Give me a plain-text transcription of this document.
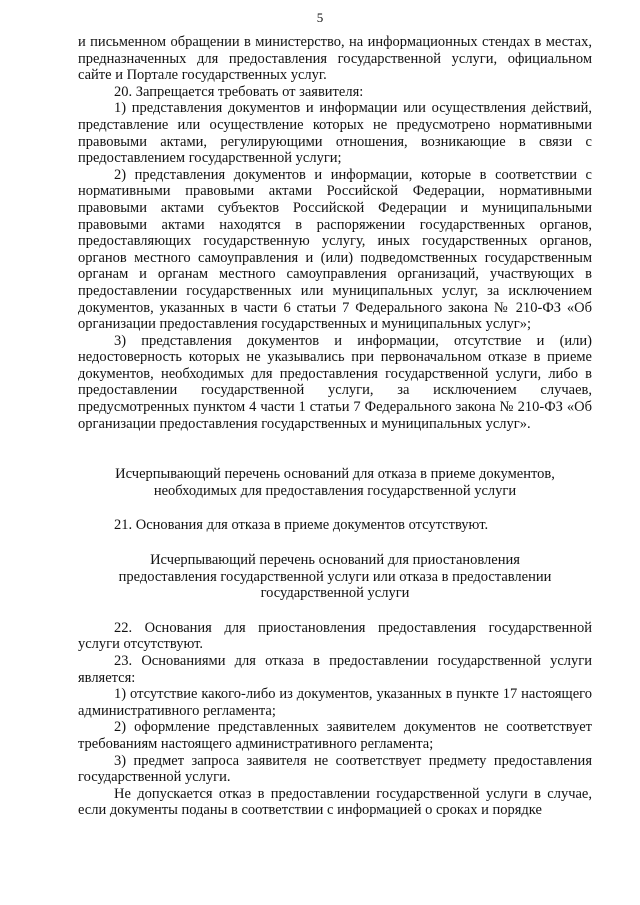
5

и письменном обращении в министерство, на информационных стендах в местах, предназначенных для предоставления государственной услуги, официальном сайте и Портале государственных услуг.

20. Запрещается требовать от заявителя:

1) представления документов и информации или осуществления действий, представление или осуществление которых не предусмотрено нормативными правовыми актами, регулирующими отношения, возникающие в связи с предоставлением государственной услуги;

2) представления документов и информации, которые в соответствии с нормативными правовыми актами Российской Федерации, нормативными правовыми актами субъектов Российской Федерации и муниципальными правовыми актами находятся в распоряжении государственных органов, предоставляющих государственную услугу, иных государственных органов, органов местного самоуправления и (или) подведомственных государственным органам и органам местного самоуправления организаций, участвующих в предоставлении государственных или муниципальных услуг, за исключением документов, указанных в части 6 статьи 7 Федерального закона № 210-ФЗ «Об организации предоставления государственных и муниципальных услуг»;

3) представления документов и информации, отсутствие и (или) недостоверность которых не указывались при первоначальном отказе в приеме документов, необходимых для предоставления государственной услуги, либо в предоставлении государственной услуги, за исключением случаев, предусмотренных пунктом 4 части 1 статьи 7 Федерального закона № 210-ФЗ «Об организации предоставления государственных и муниципальных услуг».

Исчерпывающий перечень оснований для отказа в приеме документов,

необходимых для предоставления государственной услуги

21. Основания для отказа в приеме документов отсутствуют.

Исчерпывающий перечень оснований для приостановления

предоставления государственной услуги или отказа в предоставлении

государственной услуги

22. Основания для приостановления предоставления государственной услуги отсутствуют.

23. Основаниями для отказа в предоставлении государственной услуги является:

1) отсутствие какого-либо из документов, указанных в пункте 17 настоящего административного регламента;

2) оформление представленных заявителем документов не соответствует требованиям настоящего административного регламента;

3) предмет запроса заявителя не соответствует предмету предоставления государственной услуги.

Не допускается отказ в предоставлении государственной услуги в случае, если документы поданы в соответствии с информацией о сроках и порядке
